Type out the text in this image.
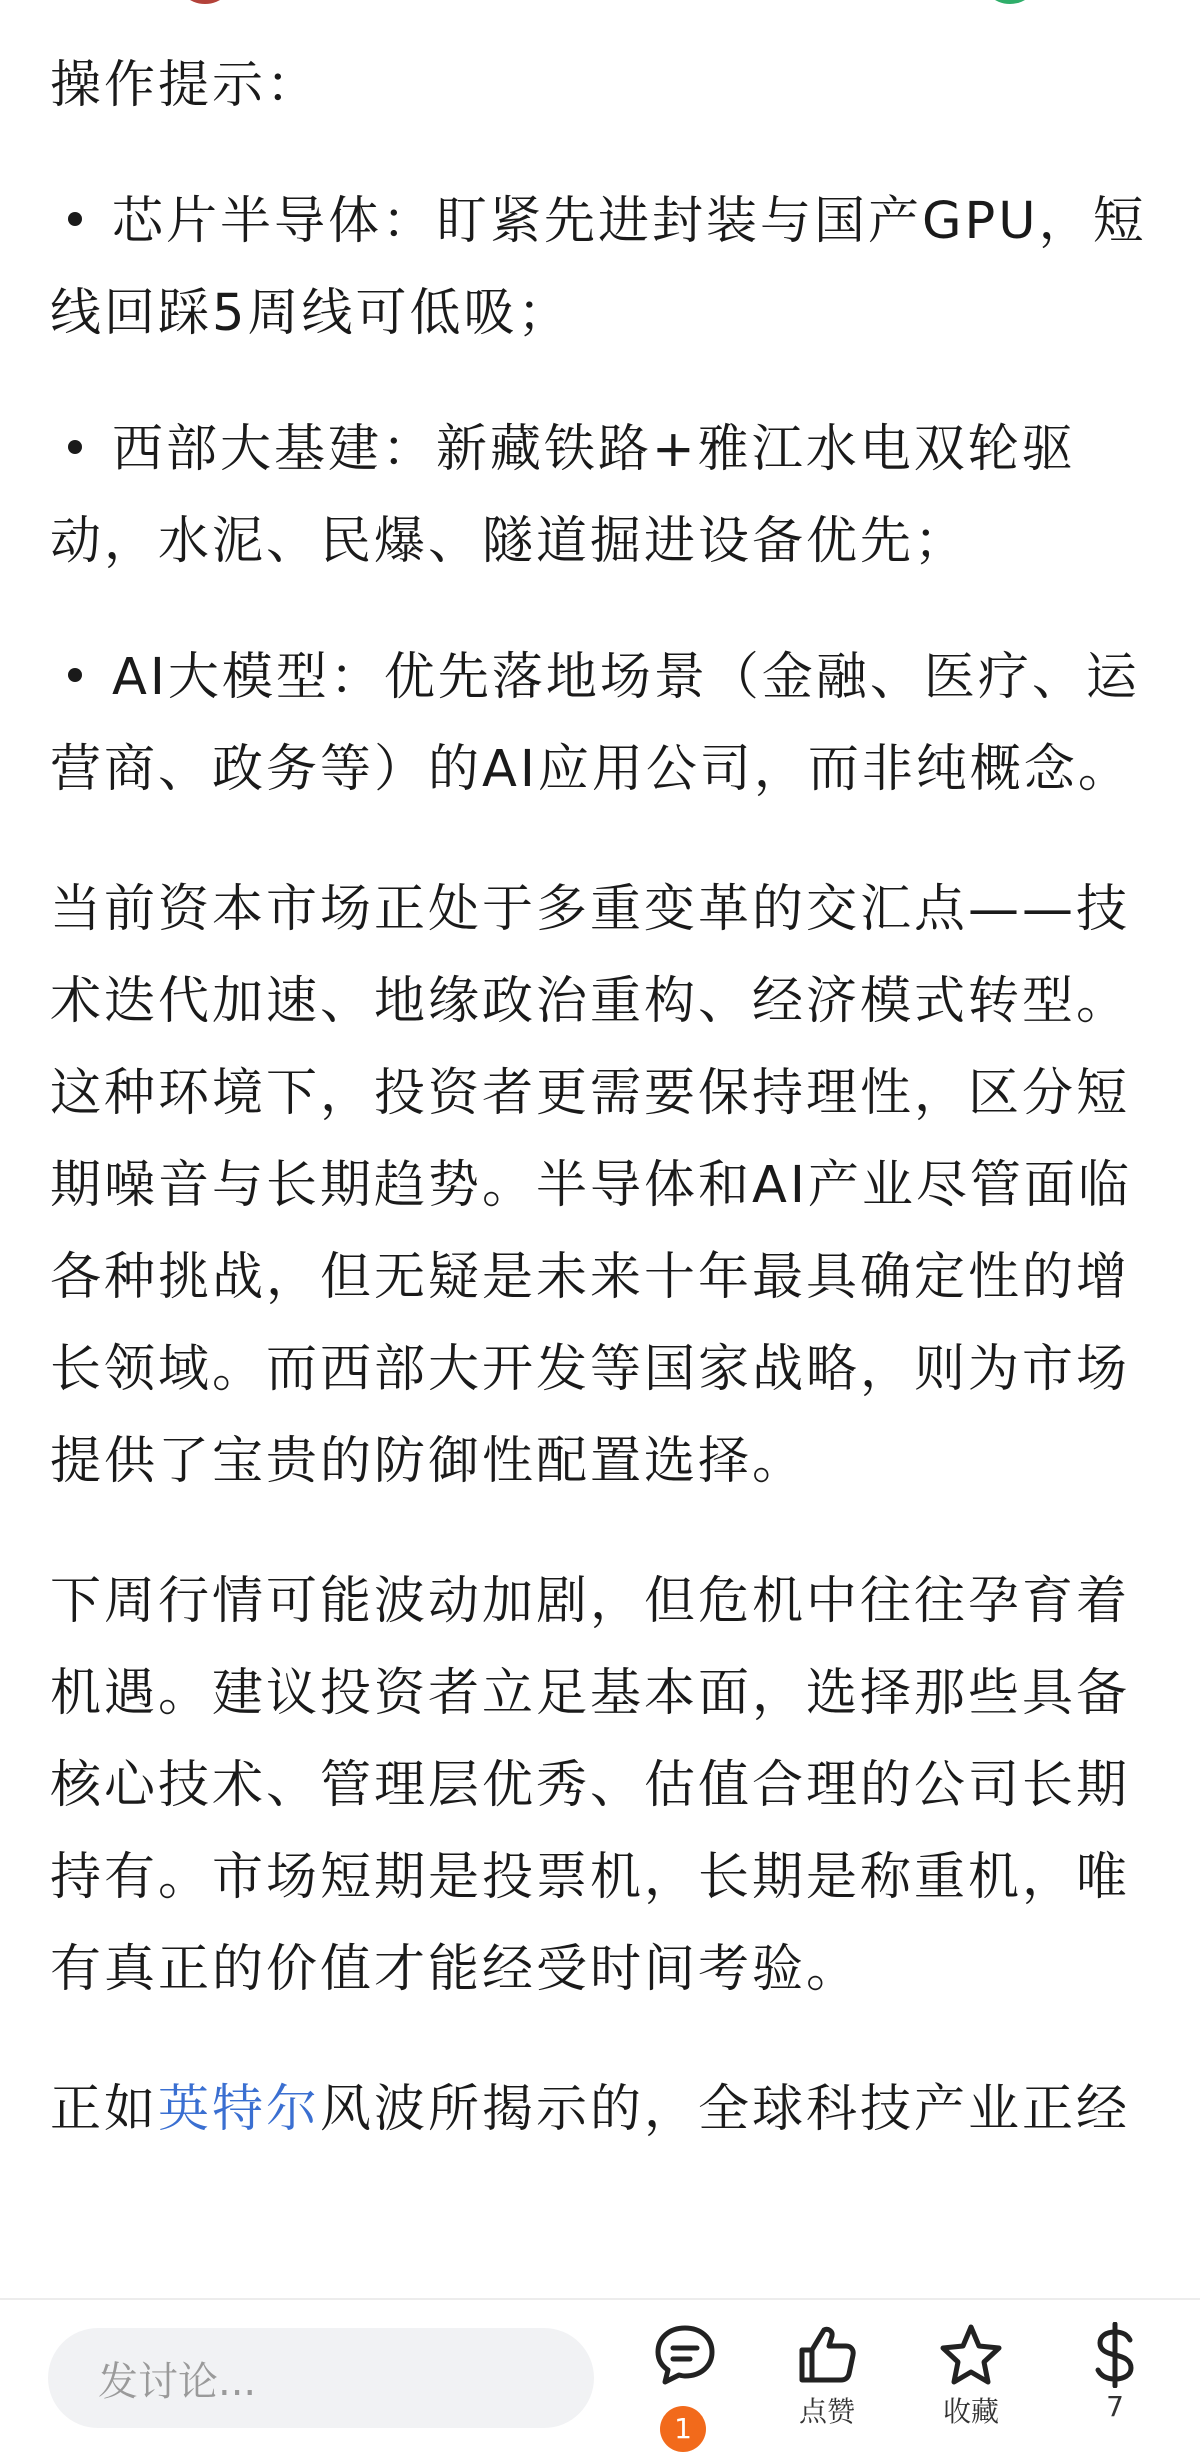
操作提示：

芯片半导体：盯紧先进封装与国产GPU，短线回踩5周线可低吸；

西部大基建：新藏铁路+雅江水电双轮驱动，水泥、民爆、隧道掘进设备优先；

AI大模型：优先落地场景（金融、医疗、运营商、政务等）的AI应用公司，而非纯概念。

当前资本市场正处于多重变革的交汇点——技术迭代加速、地缘政治重构、经济模式转型。这种环境下，投资者更需要保持理性，区分短期噪音与长期趋势。半导体和AI产业尽管面临各种挑战，但无疑是未来十年最具确定性的增长领域。而西部大开发等国家战略，则为市场提供了宝贵的防御性配置选择。

下周行情可能波动加剧，但危机中往往孕育着机遇。建议投资者立足基本面，选择那些具备核心技术、管理层优秀、估值合理的公司长期持有。市场短期是投票机，长期是称重机，唯有真正的价值才能经受时间考验。

正如英特尔风波所揭示的，全球科技产业正经

发讨论...
1
点赞	收藏	7
